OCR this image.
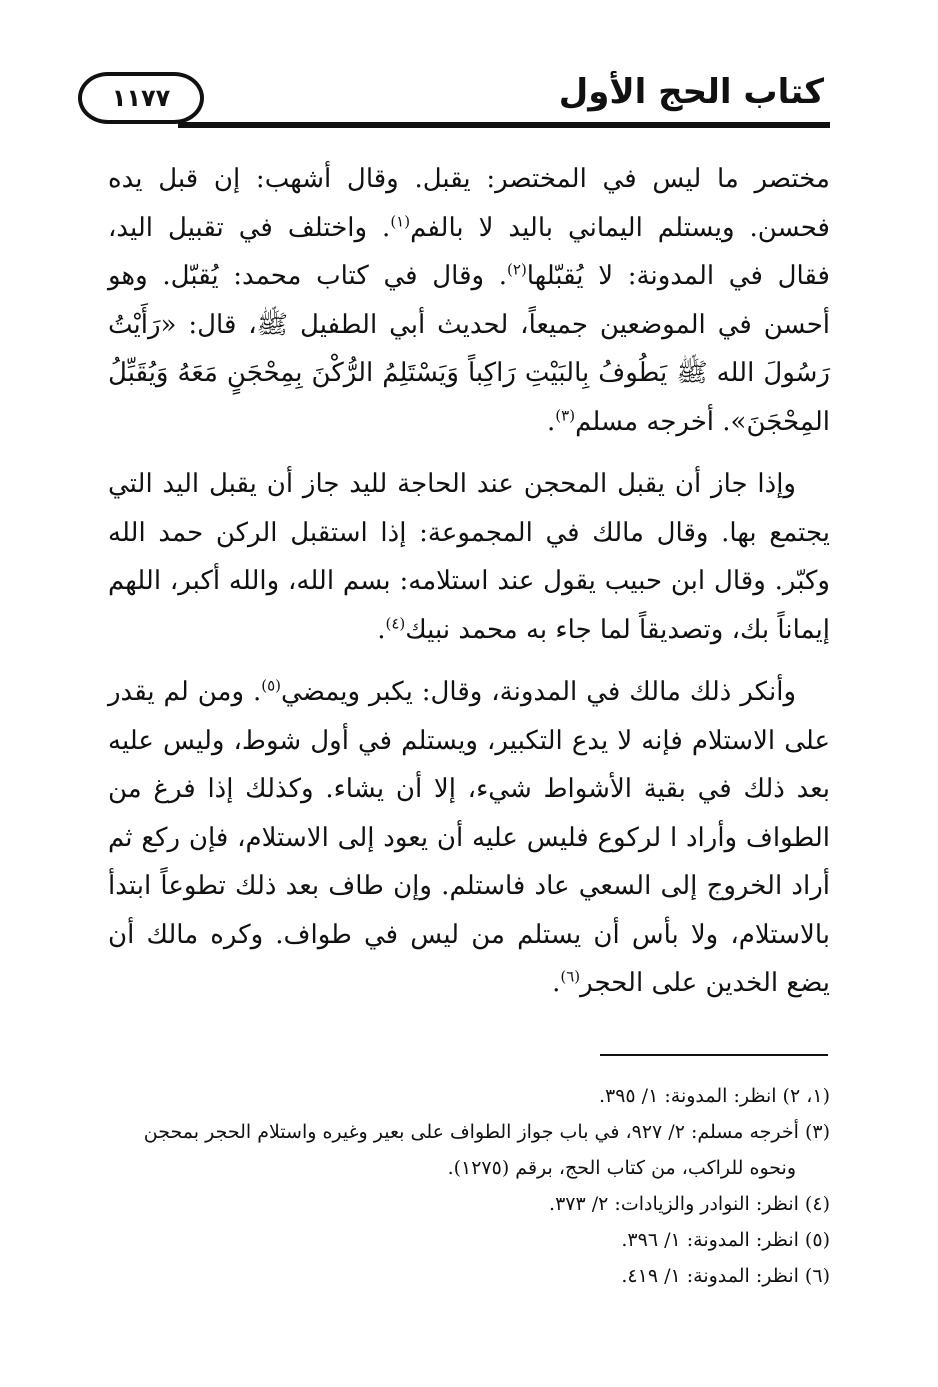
١١٧٧	كتاب الحج الأول

مختصر ما ليس في المختصر: يقبل. وقال أشهب: إن قبل يده فحسن. ويستلم اليماني باليد لا بالفم$^{(١)}$. واختلف في تقبيل اليد، فقال في المدونة: لا يُقبّلها$^{(٢)}$. وقال في كتاب محمد: يُقبّل. وهو أحسن في الموضعين جميعاً، لحديث أبي الطفيل ﷺ، قال: «رَأَيْتُ رَسُولَ الله ﷺ يَطُوفُ بِالبَيْتِ رَاكِباً وَيَسْتَلِمُ الرُّكْنَ بِمِحْجَنٍ مَعَهُ وَيُقَبِّلُ المِحْجَنَ». أخرجه مسلم$^{(٣)}$.

وإذا جاز أن يقبل المحجن عند الحاجة لليد جاز أن يقبل اليد التي يجتمع بها. وقال مالك في المجموعة: إذا استقبل الركن حمد الله وكبّر. وقال ابن حبيب يقول عند استلامه: بسم الله، والله أكبر، اللهم إيماناً بك، وتصديقاً لما جاء به محمد نبيك$^{(٤)}$.

وأنكر ذلك مالك في المدونة، وقال: يكبر ويمضي$^{(٥)}$. ومن لم يقدر على الاستلام فإنه لا يدع التكبير، ويستلم في أول شوط، وليس عليه بعد ذلك في بقية الأشواط شيء، إلا أن يشاء. وكذلك إذا فرغ من الطواف وأراد ا لركوع فليس عليه أن يعود إلى الاستلام، فإن ركع ثم أراد الخروج إلى السعي عاد فاستلم. وإن طاف بعد ذلك تطوعاً ابتدأ بالاستلام، ولا بأس أن يستلم من ليس في طواف. وكره مالك أن يضع الخدين على الحجر$^{(٦)}$.

(١، ٢) انظر: المدونة: ١/ ٣٩٥.

(٣) أخرجه مسلم: ٢/ ٩٢٧، في باب جواز الطواف على بعير وغيره واستلام الحجر بمحجن
ونحوه للراكب، من كتاب الحج، برقم (١٢٧٥).

(٤) انظر: النوادر والزيادات: ٢/ ٣٧٣.

(٥) انظر: المدونة: ١/ ٣٩٦.

(٦) انظر: المدونة: ١/ ٤١٩.
